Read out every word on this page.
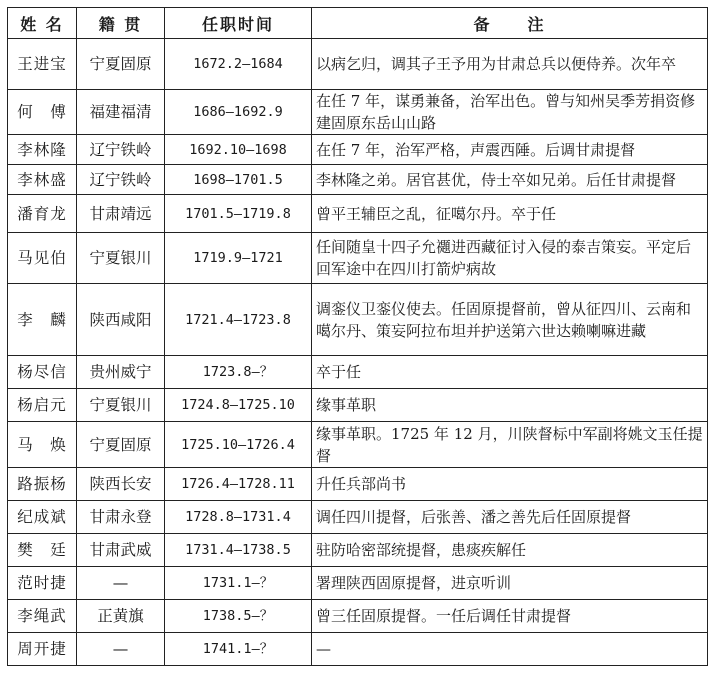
姓 名	籍 贯	任职时间	备　　注
王进宝	宁夏固原	1672.2—1684	以病乞归，调其子王予用为甘肃总兵以便侍养。次年卒
何　傅	福建福清	1686—1692.9	在任 7 年，谋勇兼备，治军出色。曾与知州吴季芳捐资修建固原东岳山山路
李林隆	辽宁铁岭	1692.10—1698	在任 7 年，治军严格，声震西陲。后调甘肃提督
李林盛	辽宁铁岭	1698—1701.5	李林隆之弟。居官甚优，侍士卒如兄弟。后任甘肃提督
潘育龙	甘肃靖远	1701.5—1719.8	曾平王辅臣之乱，征噶尔丹。卒于任
马见伯	宁夏银川	1719.9—1721	任间随皇十四子允禵进西藏征讨入侵的泰吉策妄。平定后回军途中在四川打箭炉病故
李　麟	陕西咸阳	1721.4—1723.8	调銮仪卫銮仪使去。任固原提督前，曾从征四川、云南和噶尔丹、策妄阿拉布坦并护送第六世达赖喇嘛进藏
杨尽信	贵州威宁	1723.8—？	卒于任
杨启元	宁夏银川	1724.8—1725.10	缘事革职
马　焕	宁夏固原	1725.10—1726.4	缘事革职。1725 年 12 月，川陕督标中军副将姚文玉任提督
路振杨	陕西长安	1726.4—1728.11	升任兵部尚书
纪成斌	甘肃永登	1728.8—1731.4	调任四川提督，后张善、潘之善先后任固原提督
樊　廷	甘肃武威	1731.4—1738.5	驻防哈密部统提督，患痰疾解任
范时捷	—	1731.1—？	署理陕西固原提督，进京听训
李绳武	正黄旗	1738.5—？	曾三任固原提督。一任后调任甘肃提督
周开捷	—	1741.1—？	—
